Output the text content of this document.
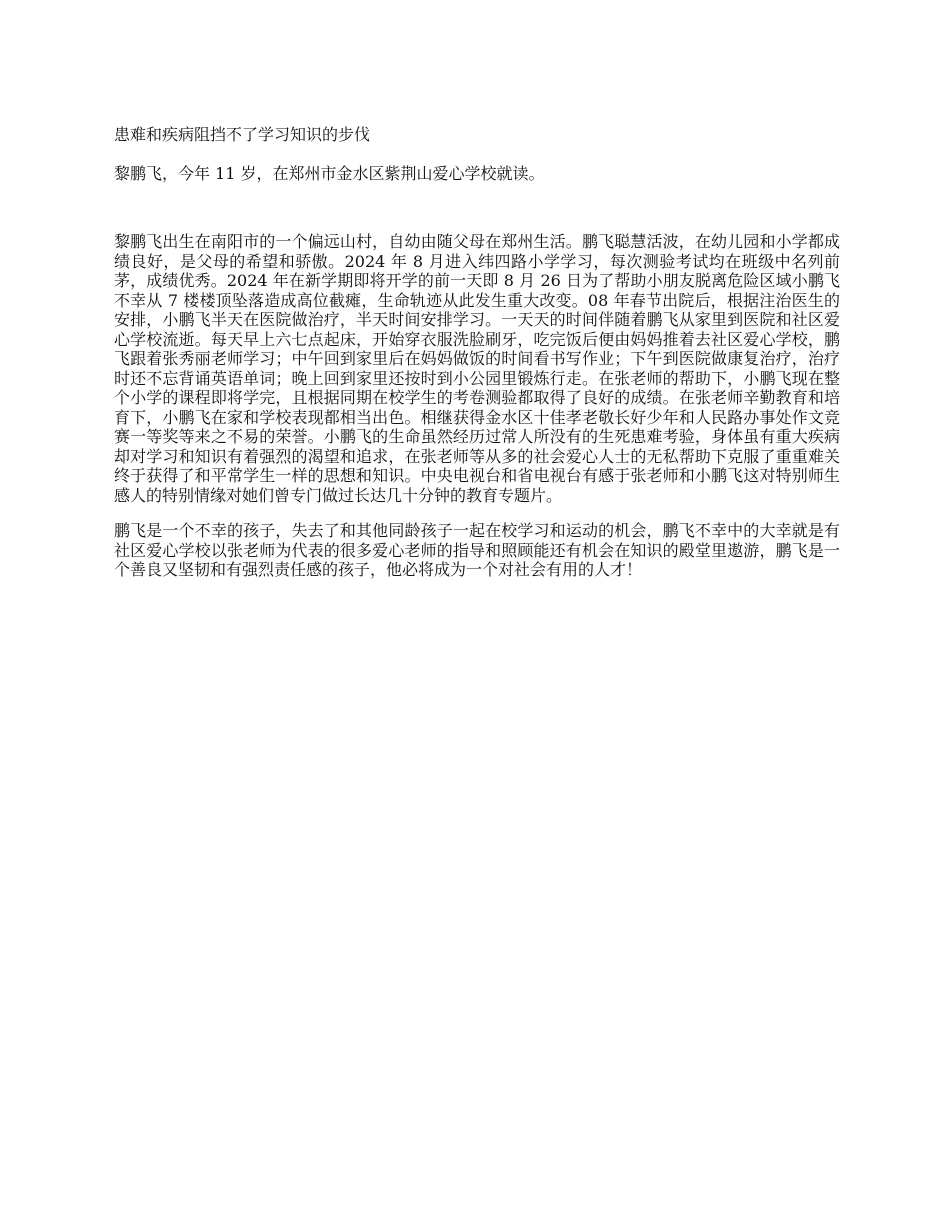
患难和疾病阻挡不了学习知识的步伐

黎鹏飞，今年 11 岁，在郑州市金水区紫荆山爱心学校就读。

黎鹏飞出生在南阳市的一个偏远山村，自幼由随父母在郑州生活。鹏飞聪慧活波，在幼儿园和小学都成绩良好，是父母的希望和骄傲。2024 年 8 月进入纬四路小学学习，每次测验考试均在班级中名列前茅，成绩优秀。2024 年在新学期即将开学的前一天即 8 月 26 日为了帮助小朋友脱离危险区域小鹏飞不幸从 7 楼楼顶坠落造成高位截瘫，生命轨迹从此发生重大改变。08 年春节出院后，根据注治医生的安排，小鹏飞半天在医院做治疗，半天时间安排学习。一天天的时间伴随着鹏飞从家里到医院和社区爱心学校流逝。每天早上六七点起床，开始穿衣服洗脸刷牙，吃完饭后便由妈妈推着去社区爱心学校，鹏飞跟着张秀丽老师学习；中午回到家里后在妈妈做饭的时间看书写作业；下午到医院做康复治疗，治疗时还不忘背诵英语单词；晚上回到家里还按时到小公园里锻炼行走。在张老师的帮助下，小鹏飞现在整个小学的课程即将学完，且根据同期在校学生的考卷测验都取得了良好的成绩。在张老师辛勤教育和培育下，小鹏飞在家和学校表现都相当出色。相继获得金水区十佳孝老敬长好少年和人民路办事处作文竞赛一等奖等来之不易的荣誉。小鹏飞的生命虽然经历过常人所没有的生死患难考验，身体虽有重大疾病却对学习和知识有着强烈的渴望和追求，在张老师等从多的社会爱心人士的无私帮助下克服了重重难关终于获得了和平常学生一样的思想和知识。中央电视台和省电视台有感于张老师和小鹏飞这对特别师生感人的特别情缘对她们曾专门做过长达几十分钟的教育专题片。

鹏飞是一个不幸的孩子，失去了和其他同龄孩子一起在校学习和运动的机会，鹏飞不幸中的大幸就是有社区爱心学校以张老师为代表的很多爱心老师的指导和照顾能还有机会在知识的殿堂里遨游，鹏飞是一个善良又坚韧和有强烈责任感的孩子，他必将成为一个对社会有用的人才！
